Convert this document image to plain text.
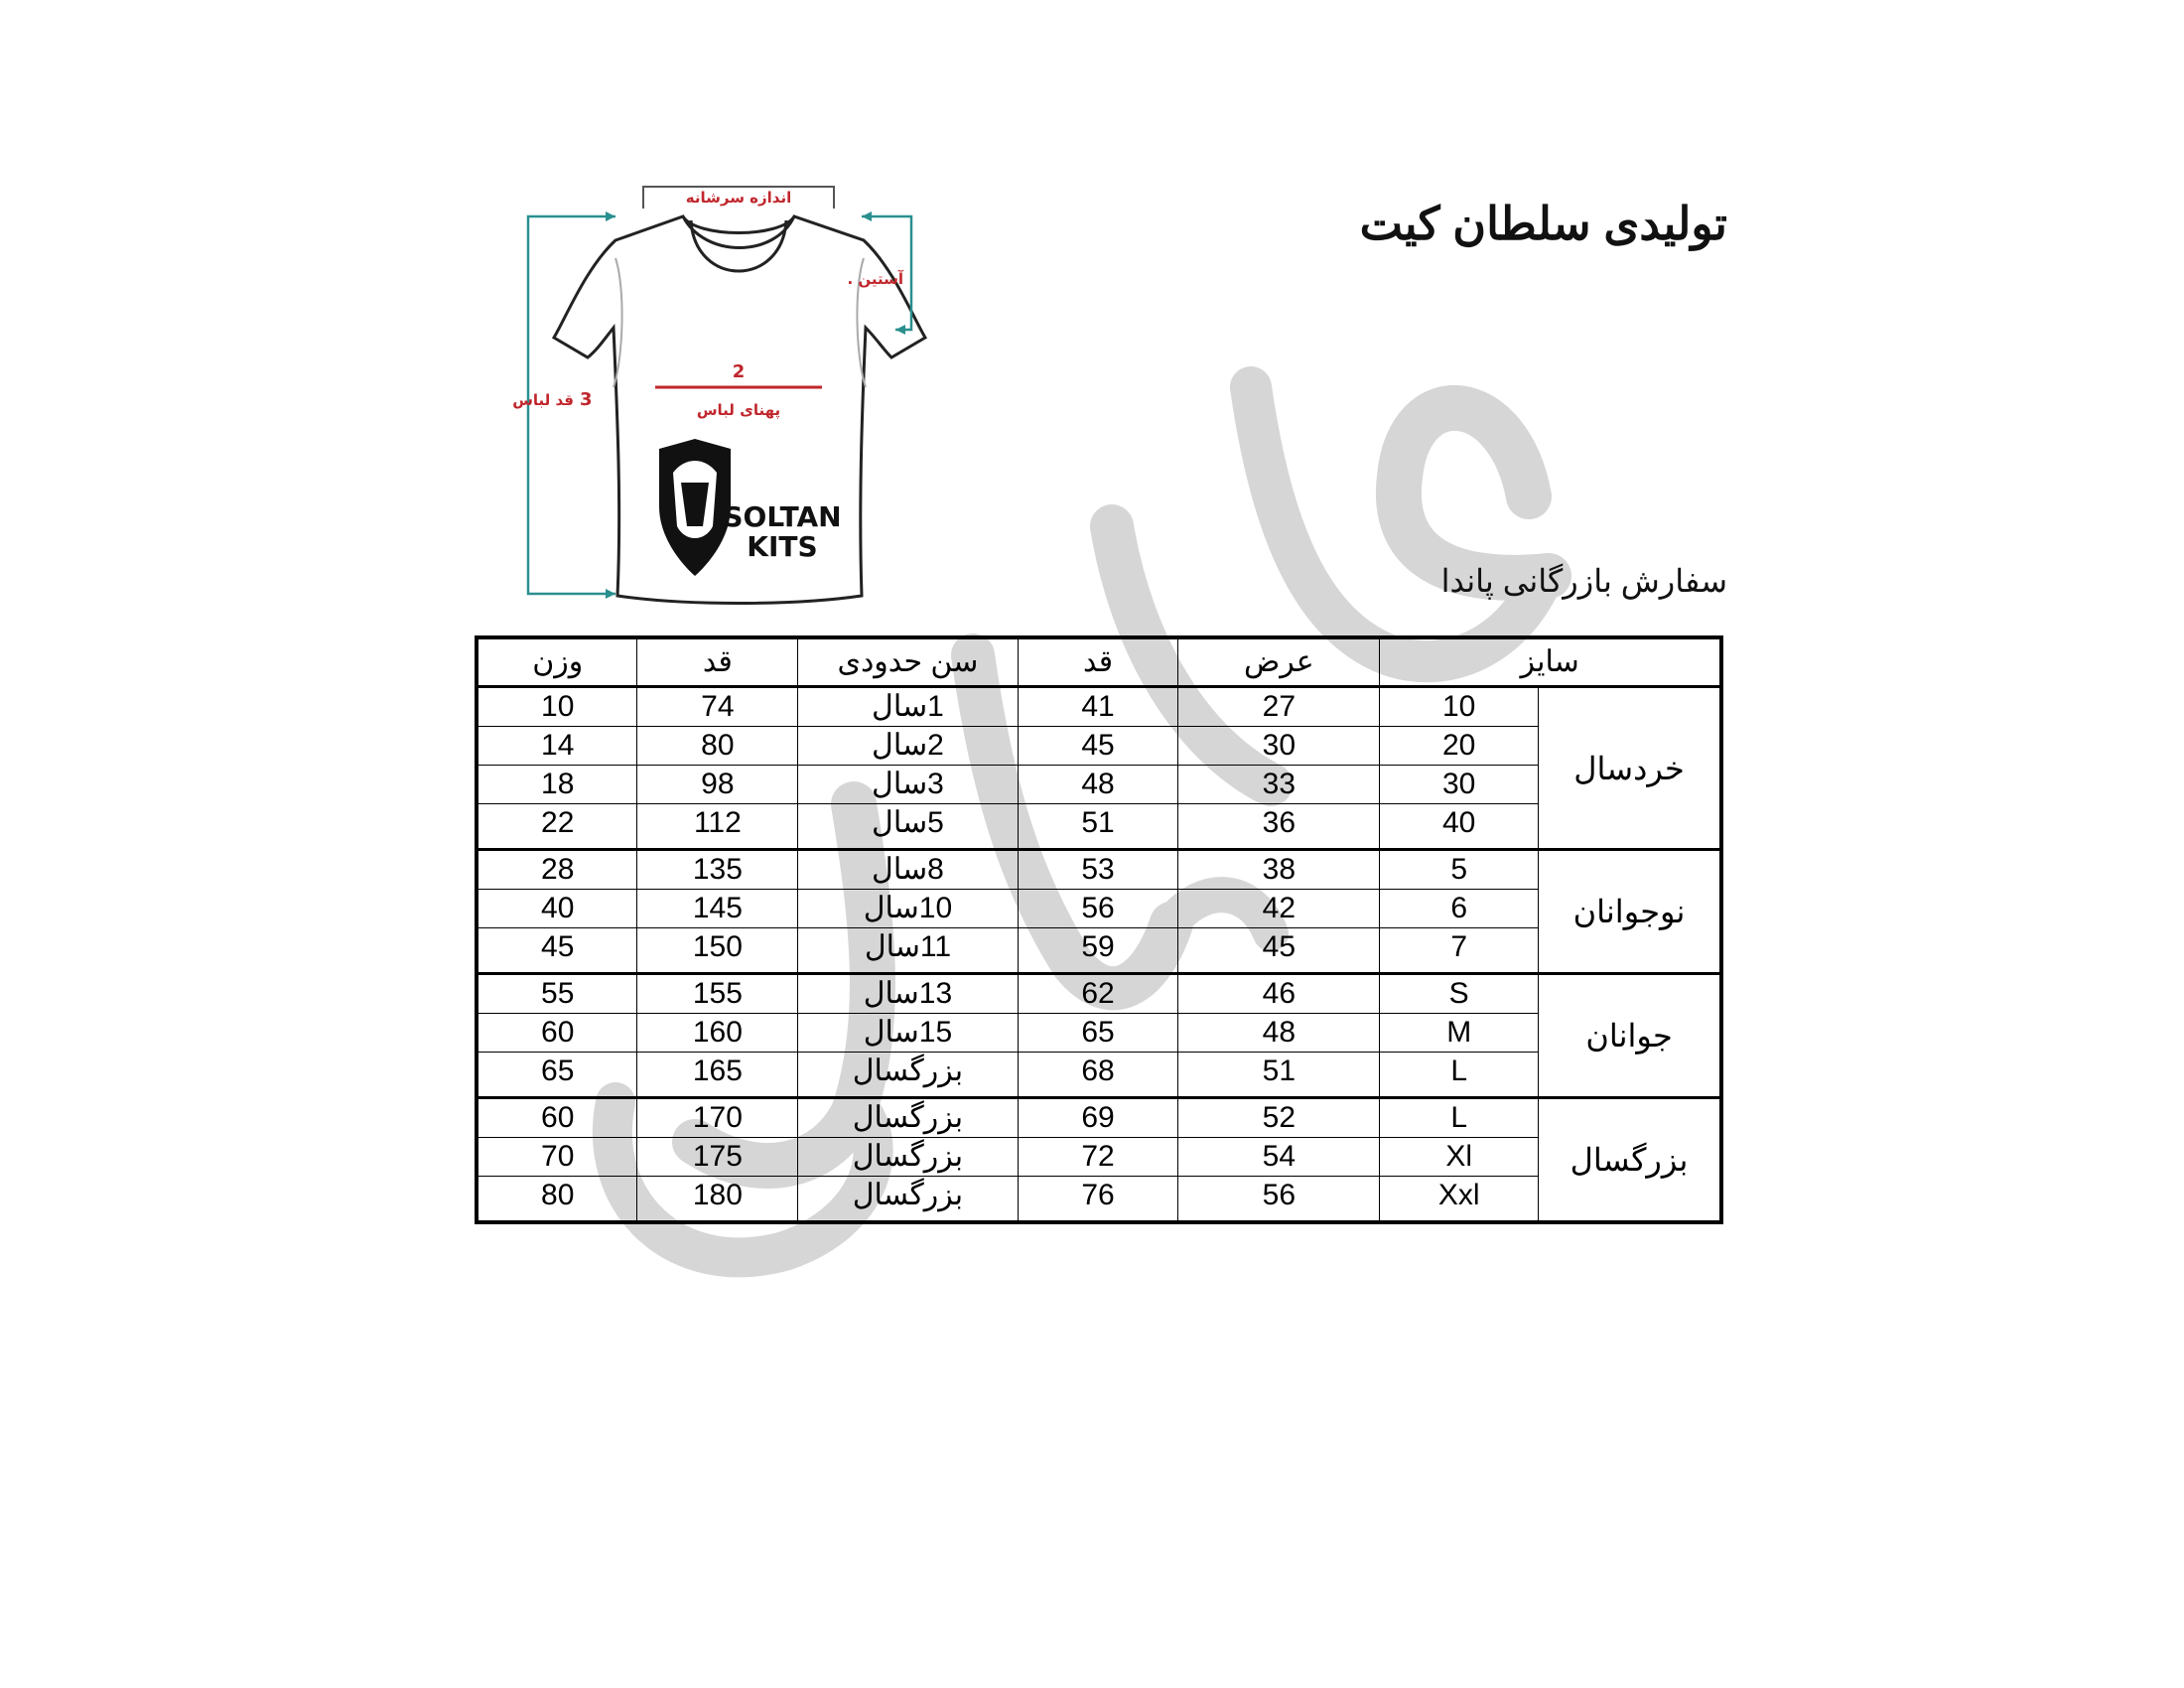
تولیدی سلطان کیت
سفارش بازرگانی پاندا
اندازه سرشانه
2
پهنای لباس
. آستین
قد لباس 3
SOLTAN
KITS
سایز		عرض	قد	سن حدودی	قد	وزن
خردسال	10	27	41	1سال	74	10
	20	30	45	2سال	80	14
	30	33	48	3سال	98	18
	40	36	51	5سال	112	22
نوجوانان	5	38	53	8سال	135	28
	6	42	56	10سال	145	40
	7	45	59	11سال	150	45
جوانان	S	46	62	13سال	155	55
	M	48	65	15سال	160	60
	L	51	68	بزرگسال	165	65
بزرگسال	L	52	69	بزرگسال	170	60
	Xl	54	72	بزرگسال	175	70
	Xxl	56	76	بزرگسال	180	80
